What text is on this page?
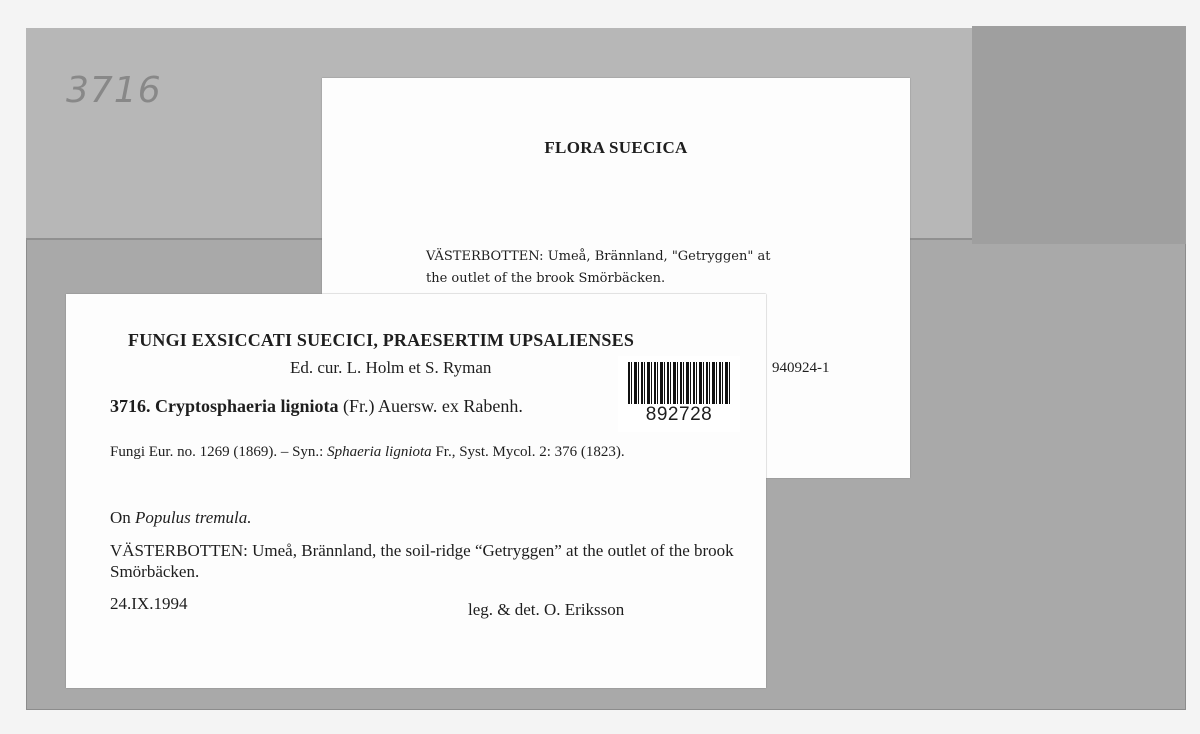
3716
FLORA SUECICA
VÄSTERBOTTEN: Umeå, Brännland, "Getryggen" at
the outlet of the brook Smörbäcken.
940924-1
FUNGI EXSICCATI SUECICI, PRAESERTIM UPSALIENSES
Ed. cur. L. Holm et S. Ryman
3716. Cryptosphaeria ligniota (Fr.) Auersw. ex Rabenh.
Fungi Eur. no. 1269 (1869). – Syn.: Sphaeria ligniota Fr., Syst. Mycol. 2: 376 (1823).
On Populus tremula.
VÄSTERBOTTEN: Umeå, Brännland, the soil-ridge “Getryggen” at the outlet of the brook Smörbäcken.
24.IX.1994	leg. & det. O. Eriksson
892728
